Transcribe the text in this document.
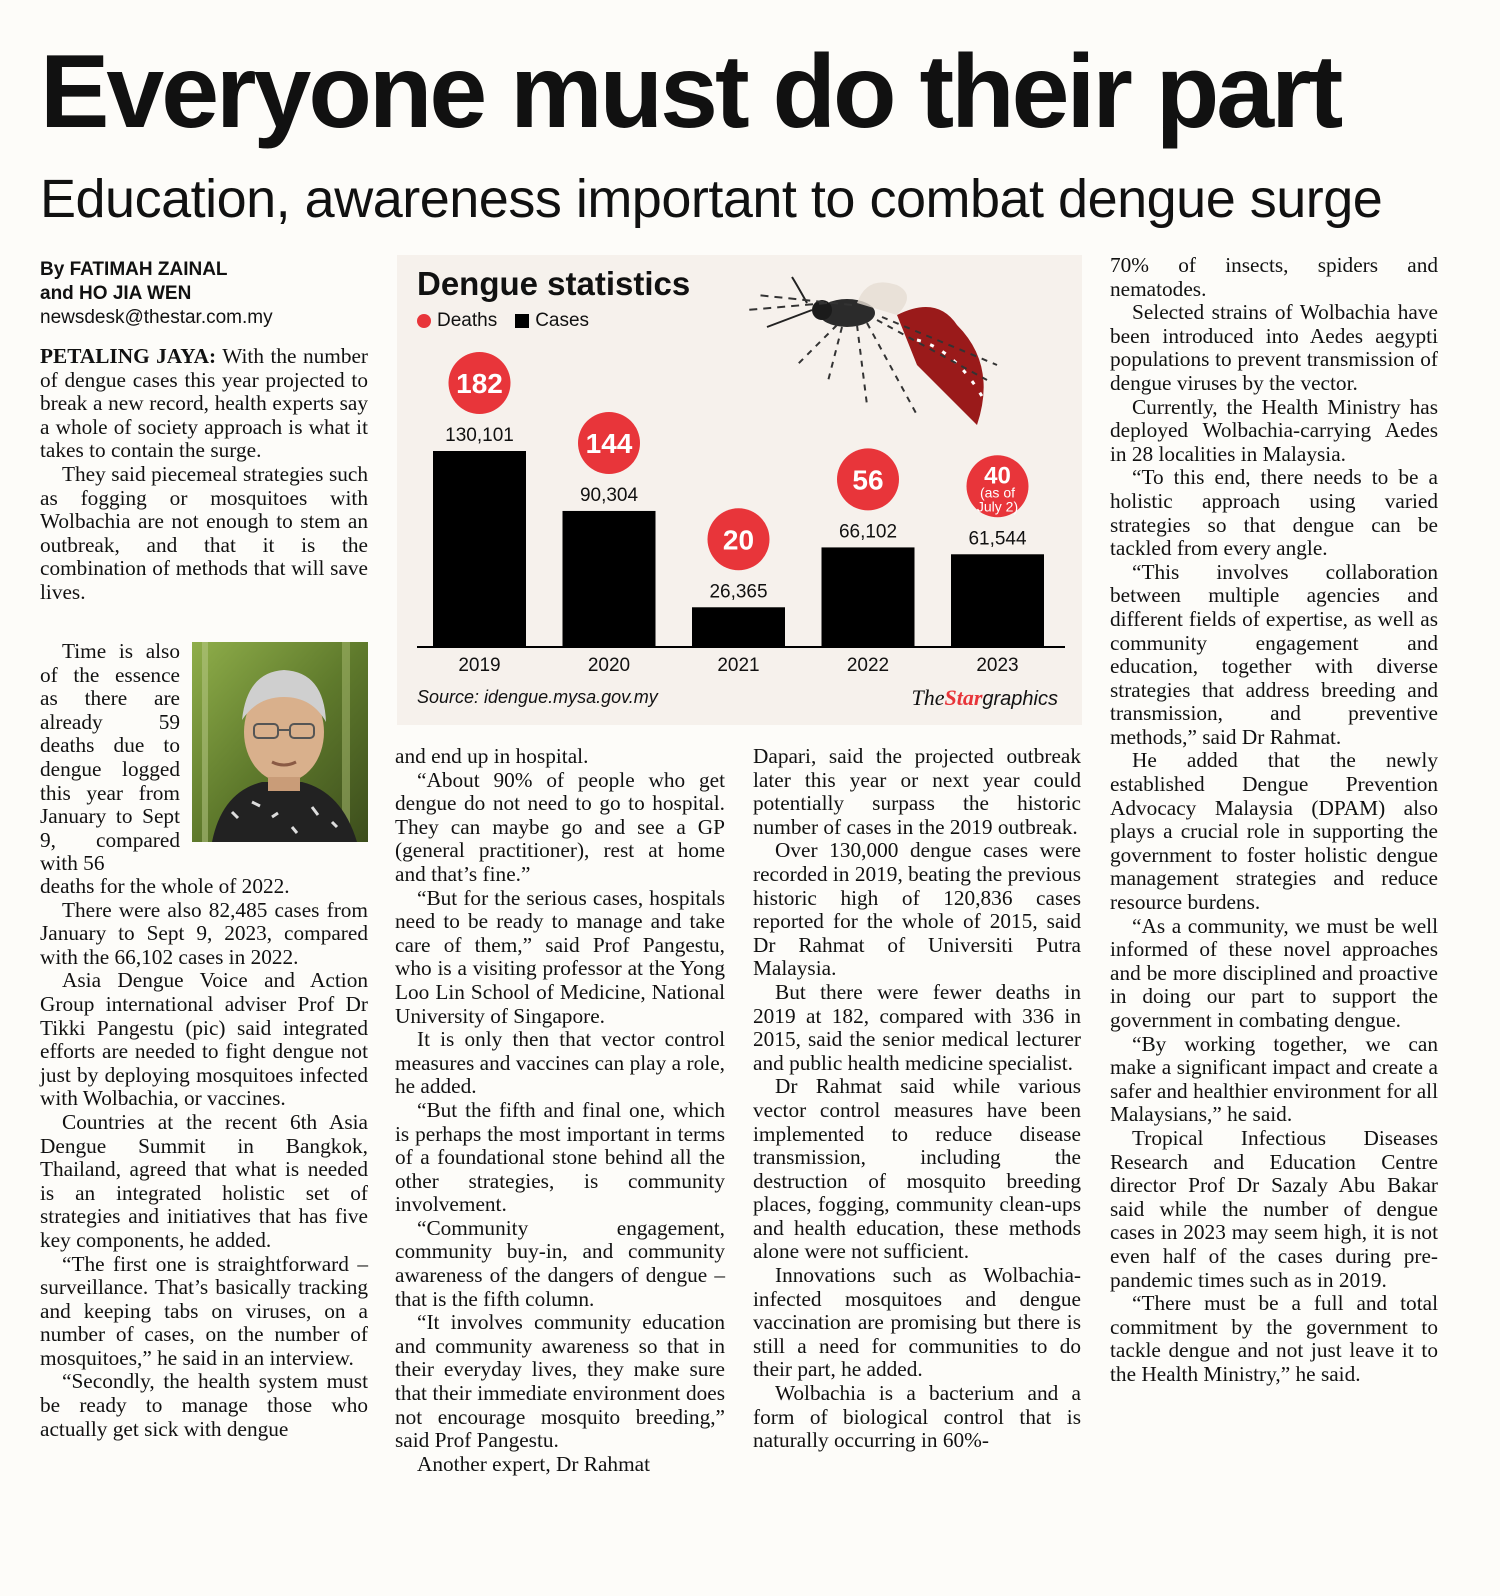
Everyone must do their part
Education, awareness important to combat dengue surge
By FATIMAH ZAINAL
and HO JIA WEN
newsdesk@thestar.com.my

PETALING JAYA: With the number of dengue cases this year projected to break a new record, health experts say a whole of society approach is what it takes to contain the surge.

They said piecemeal strategies such as fogging or mosquitoes with Wolbachia are not enough to stem an outbreak, and that it is the combination of methods that will save lives.

Time is also of the essence as there are already 59 deaths due to dengue logged this year from January to Sept 9, compared with 56

deaths for the whole of 2022.

There were also 82,485 cases from January to Sept 9, 2023, compared with the 66,102 cases in 2022.

Asia Dengue Voice and Action Group international adviser Prof Dr Tikki Pangestu (pic) said integrated efforts are needed to fight dengue not just by deploying mosquitoes infected with Wolbachia, or vaccines.

Countries at the recent 6th Asia Dengue Summit in Bangkok, Thailand, agreed that what is needed is an integrated holistic set of strategies and initiatives that has five key components, he added.

“The first one is straightforward – surveillance. That’s basically tracking and keeping tabs on viruses, on a number of cases, on the number of mosquitoes,” he said in an interview.

“Secondly, the health system must be ready to manage those who actually get sick with dengue

130,101
2019
182
90,304
2020
144
26,365
2021
20	66,102
2022
56
61,544
2023
40
(as of
July 2)
Dengue statistics
Deaths Cases
Source: idengue.mysa.gov.my	TheStargraphics

and end up in hospital.

“About 90% of people who get dengue do not need to go to hospital. They can maybe go and see a GP (general practitioner), rest at home and that’s fine.”

“But for the serious cases, hospitals need to be ready to manage and take care of them,” said Prof Pangestu, who is a visiting professor at the Yong Loo Lin School of Medicine, National University of Singapore.

It is only then that vector control measures and vaccines can play a role, he added.

“But the fifth and final one, which is perhaps the most important in terms of a foundational stone behind all the other strategies, is community involvement.

“Community engagement, community buy-in, and community awareness of the dangers of dengue – that is the fifth column.

“It involves community education and community awareness so that in their everyday lives, they make sure that their immediate environment does not encourage mosquito breeding,” said Prof Pangestu.

Another expert, Dr Rahmat

Dapari, said the projected outbreak later this year or next year could potentially surpass the historic number of cases in the 2019 outbreak.

Over 130,000 dengue cases were recorded in 2019, beating the previous historic high of 120,836 cases reported for the whole of 2015, said Dr Rahmat of Universiti Putra Malaysia.

But there were fewer deaths in 2019 at 182, compared with 336 in 2015, said the senior medical lecturer and public health medicine specialist.

Dr Rahmat said while various vector control measures have been implemented to reduce disease transmission, including the destruction of mosquito breeding places, fogging, community clean-ups and health education, these methods alone were not sufficient.

Innovations such as Wolbachia-infected mosquitoes and dengue vaccination are promising but there is still a need for communities to do their part, he added.

Wolbachia is a bacterium and a form of biological control that is naturally occurring in 60%-

70% of insects, spiders and nematodes.

Selected strains of Wolbachia have been introduced into Aedes aegypti populations to prevent transmission of dengue viruses by the vector.

Currently, the Health Ministry has deployed Wolbachia-carrying Aedes in 28 localities in Malaysia.

“To this end, there needs to be a holistic approach using varied strategies so that dengue can be tackled from every angle.

“This involves collaboration between multiple agencies and different fields of expertise, as well as community engagement and education, together with diverse strategies that address breeding and transmission, and preventive methods,” said Dr Rahmat.

He added that the newly established Dengue Prevention Advocacy Malaysia (DPAM) also plays a crucial role in supporting the government to foster holistic dengue management strategies and reduce resource burdens.

“As a community, we must be well informed of these novel approaches and be more disciplined and proactive in doing our part to support the government in combating dengue.

“By working together, we can make a significant impact and create a safer and healthier environment for all Malaysians,” he said.

Tropical Infectious Diseases Research and Education Centre director Prof Dr Sazaly Abu Bakar said while the number of dengue cases in 2023 may seem high, it is not even half of the cases during pre-pandemic times such as in 2019.

“There must be a full and total commitment by the government to tackle dengue and not just leave it to the Health Ministry,” he said.
